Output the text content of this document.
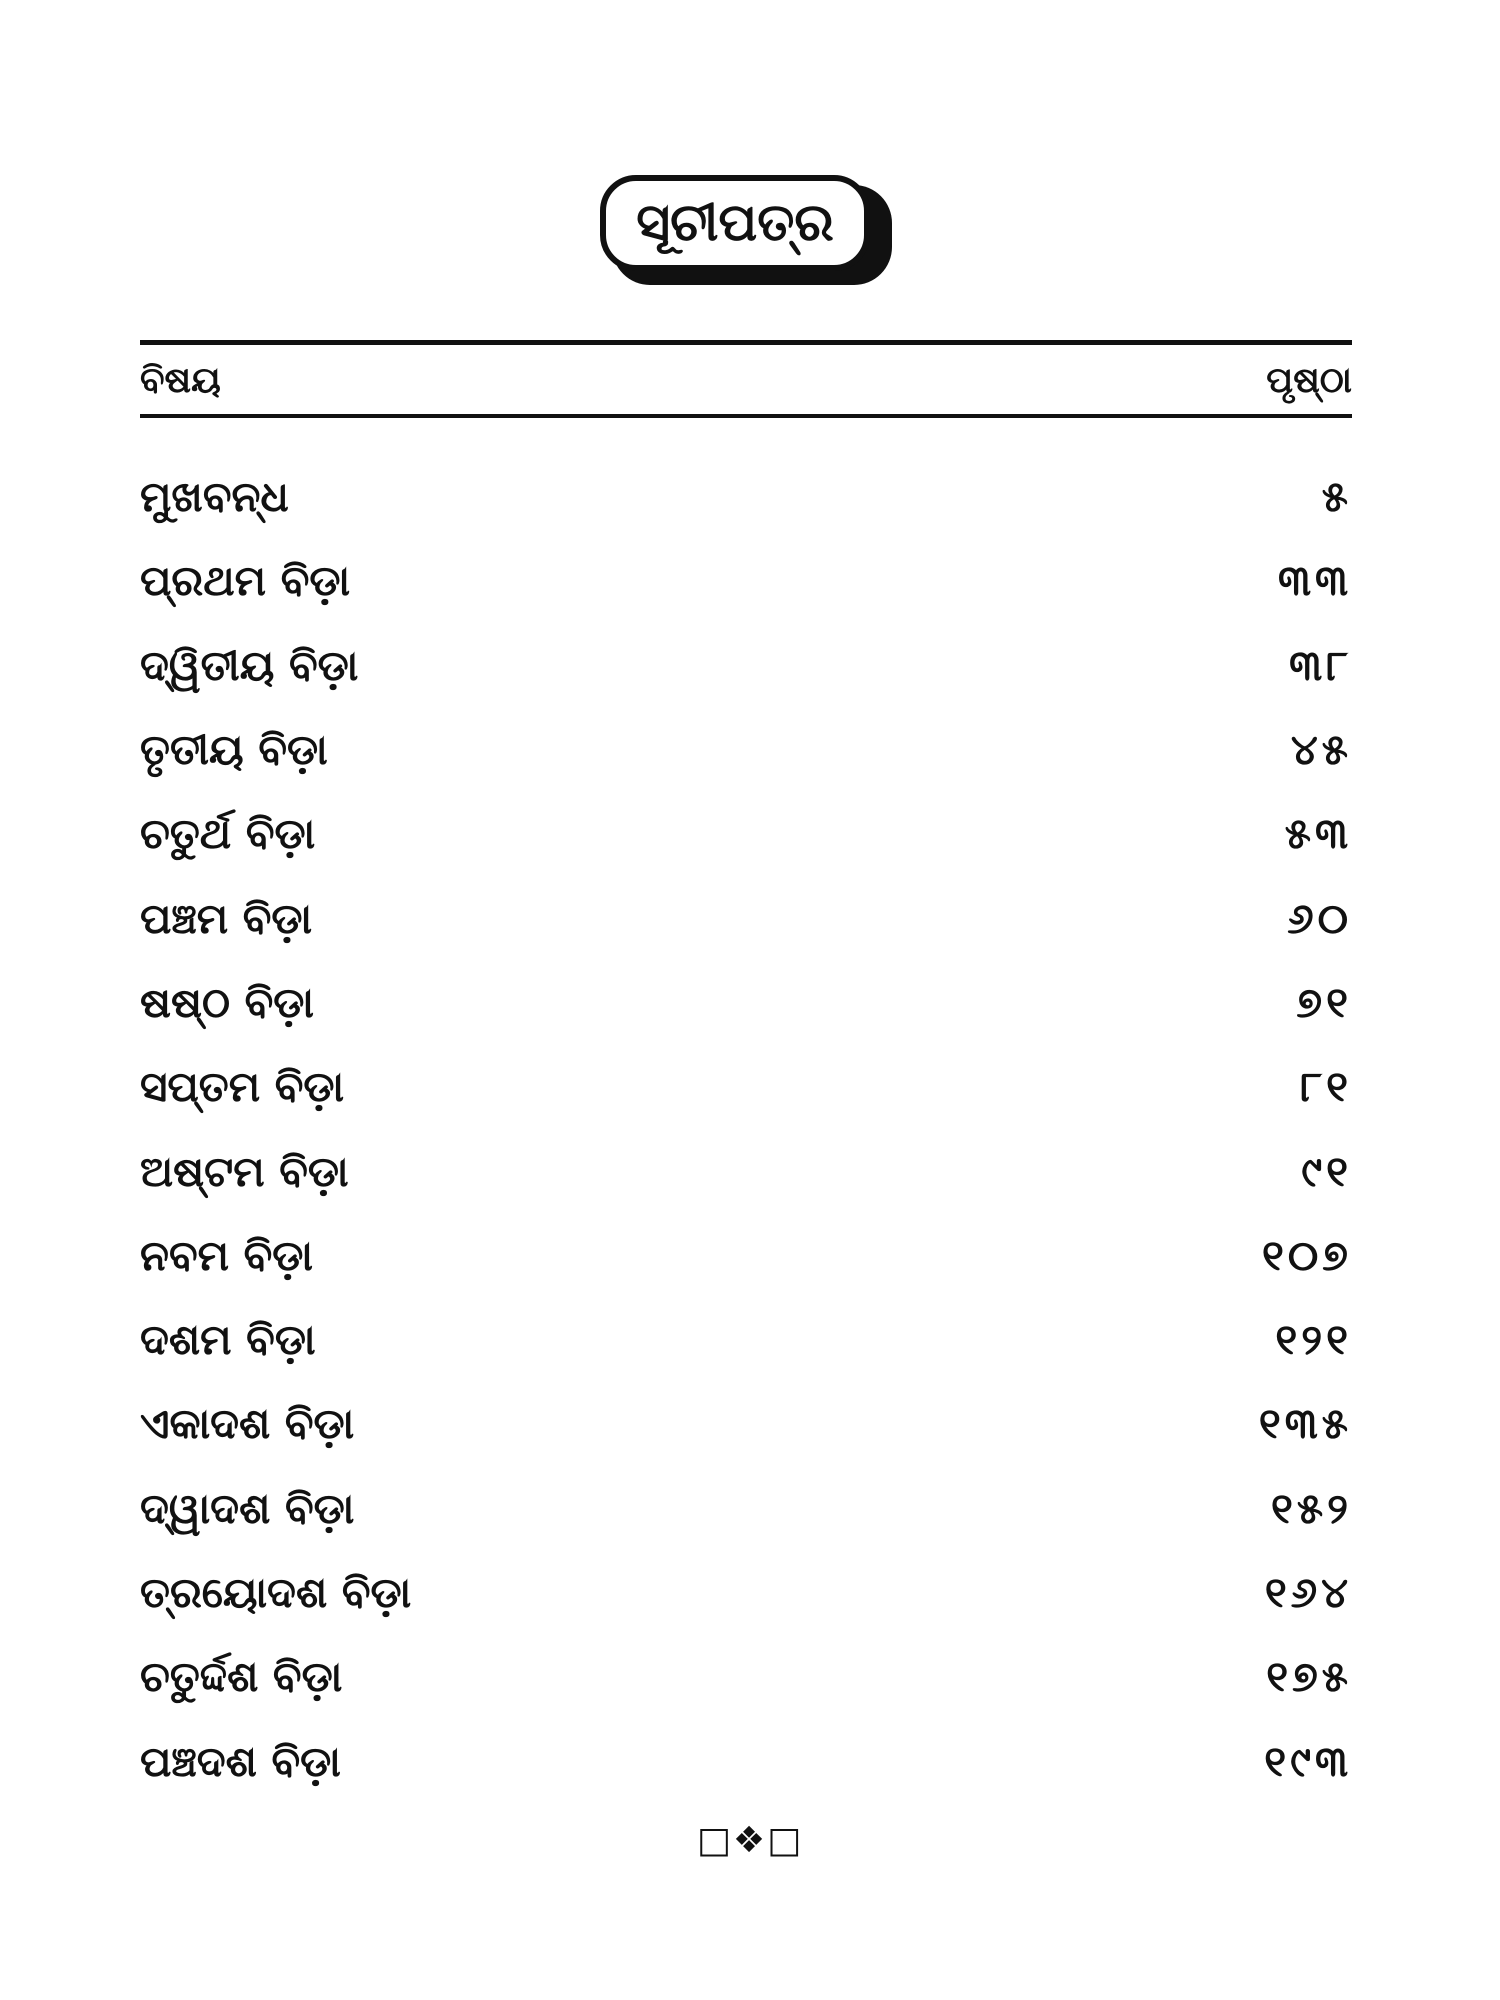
ସୂଚୀପତ୍ର
ବିଷୟ	ପୃଷ୍ଠା
ମୁଖବନ୍ଧ	୫
ପ୍ରଥମ ବିଡ଼ା	୩୩
ଦ୍ୱିତୀୟ ବିଡ଼ା	୩୮
ତୃତୀୟ ବିଡ଼ା	୪୫
ଚତୁର୍ଥ ବିଡ଼ା	୫୩
ପଞ୍ଚମ ବିଡ଼ା	୬୦
ଷଷ୍ଠ ବିଡ଼ା	୭୧
ସପ୍ତମ ବିଡ଼ା	୮୧
ଅଷ୍ଟମ ବିଡ଼ା	୯୧
ନବମ ବିଡ଼ା	୧୦୭
ଦଶମ ବିଡ଼ା	୧୨୧
ଏକାଦଶ ବିଡ଼ା	୧୩୫
ଦ୍ୱାଦଶ ବିଡ଼ା	୧୫୨
ତ୍ରୟୋଦଶ ବିଡ଼ା	୧୬୪
ଚତୁର୍ଦ୍ଦଶ ବିଡ଼ା	୧୭୫
ପଞ୍ଚଦଶ ବିଡ଼ା	୧୯୩
□❖□
